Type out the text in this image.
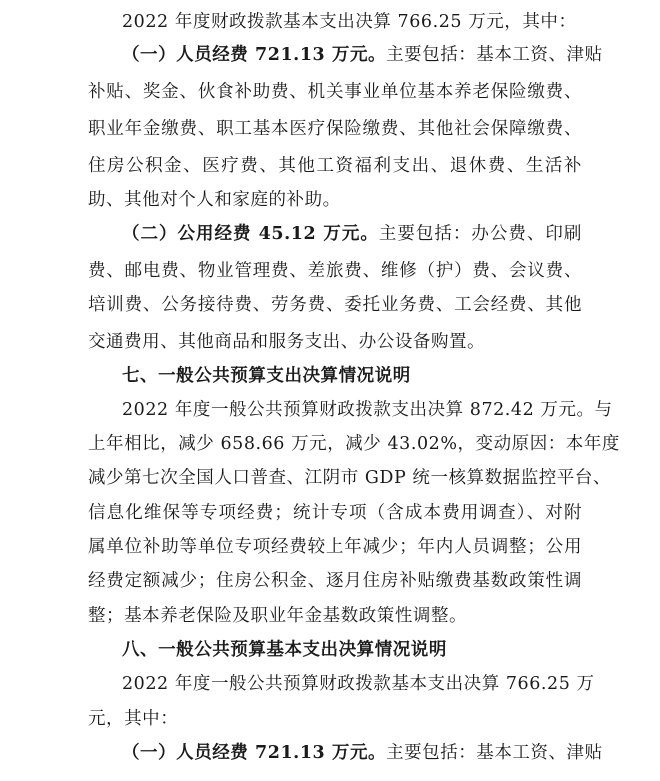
2022 年度财政拨款基本支出决算 766.25 万元，其中：
（一）人员经费 721.13 万元。主要包括：基本工资、津贴
补贴、奖金、伙食补助费、机关事业单位基本养老保险缴费、
职业年金缴费、职工基本医疗保险缴费、其他社会保障缴费、
住房公积金、医疗费、其他工资福利支出、退休费、生活补
助、其他对个人和家庭的补助。
（二）公用经费 45.12 万元。主要包括：办公费、印刷
费、邮电费、物业管理费、差旅费、维修（护）费、会议费、
培训费、公务接待费、劳务费、委托业务费、工会经费、其他
交通费用、其他商品和服务支出、办公设备购置。
七、一般公共预算支出决算情况说明
2022 年度一般公共预算财政拨款支出决算 872.42 万元。与
上年相比，减少 658.66 万元，减少 43.02%，变动原因：本年度
减少第七次全国人口普查、江阴市 GDP 统一核算数据监控平台、
信息化维保等专项经费；统计专项（含成本费用调查）、对附
属单位补助等单位专项经费较上年减少；年内人员调整；公用
经费定额减少；住房公积金、逐月住房补贴缴费基数政策性调
整；基本养老保险及职业年金基数政策性调整。
八、一般公共预算基本支出决算情况说明
2022 年度一般公共预算财政拨款基本支出决算 766.25 万
元，其中：
（一）人员经费 721.13 万元。主要包括：基本工资、津贴
